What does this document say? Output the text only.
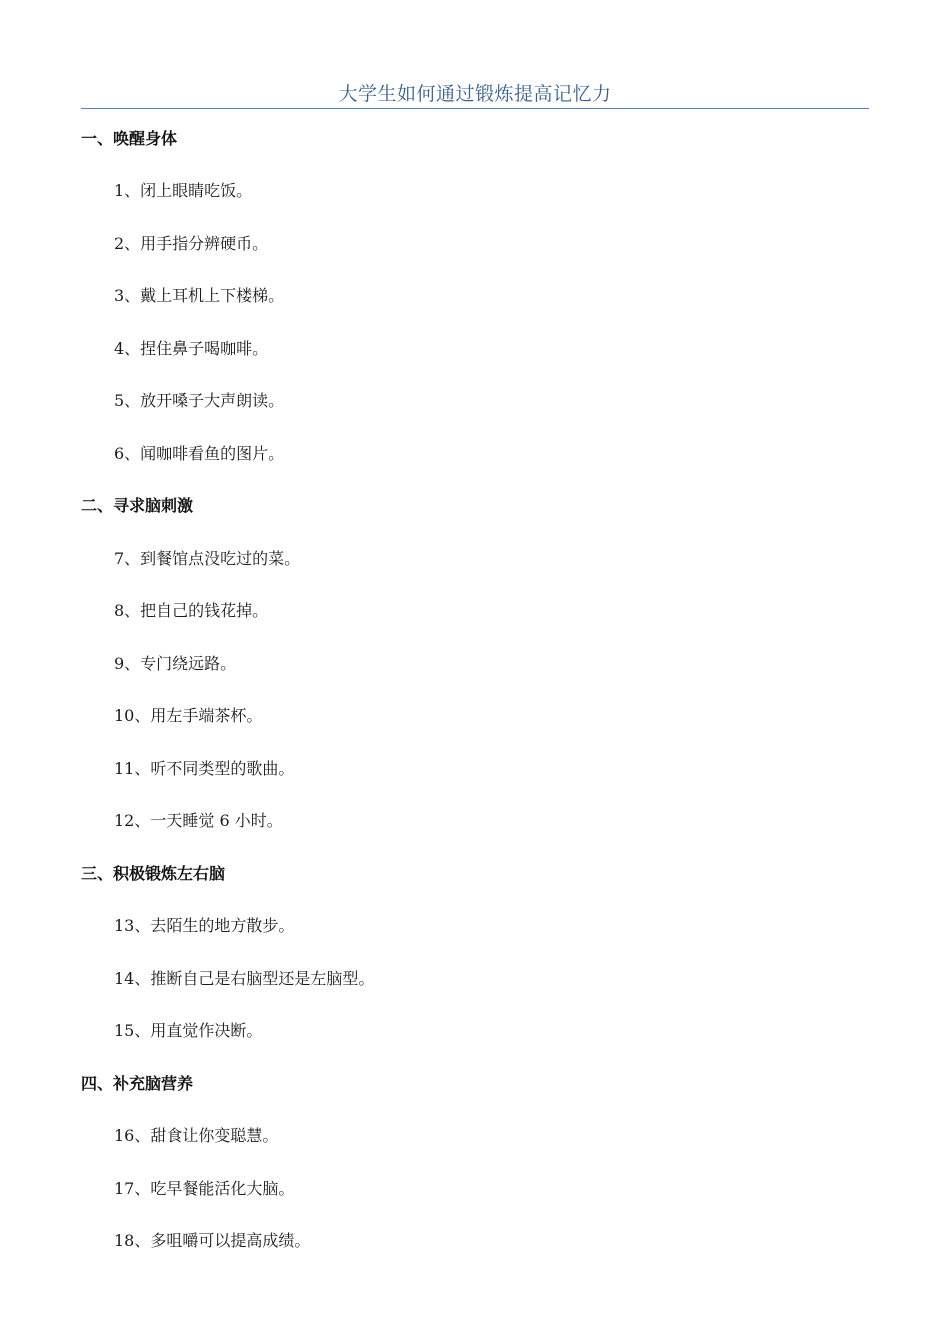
大学生如何通过锻炼提高记忆力
一、唤醒身体
1、闭上眼睛吃饭。
2、用手指分辨硬币。
3、戴上耳机上下楼梯。
4、捏住鼻子喝咖啡。
5、放开嗓子大声朗读。
6、闻咖啡看鱼的图片。
二、寻求脑刺激
7、到餐馆点没吃过的菜。
8、把自己的钱花掉。
9、专门绕远路。
10、用左手端茶杯。
11、听不同类型的歌曲。
12、一天睡觉 6 小时。
三、积极锻炼左右脑
13、去陌生的地方散步。
14、推断自己是右脑型还是左脑型。
15、用直觉作决断。
四、补充脑营养
16、甜食让你变聪慧。
17、吃早餐能活化大脑。
18、多咀嚼可以提高成绩。
